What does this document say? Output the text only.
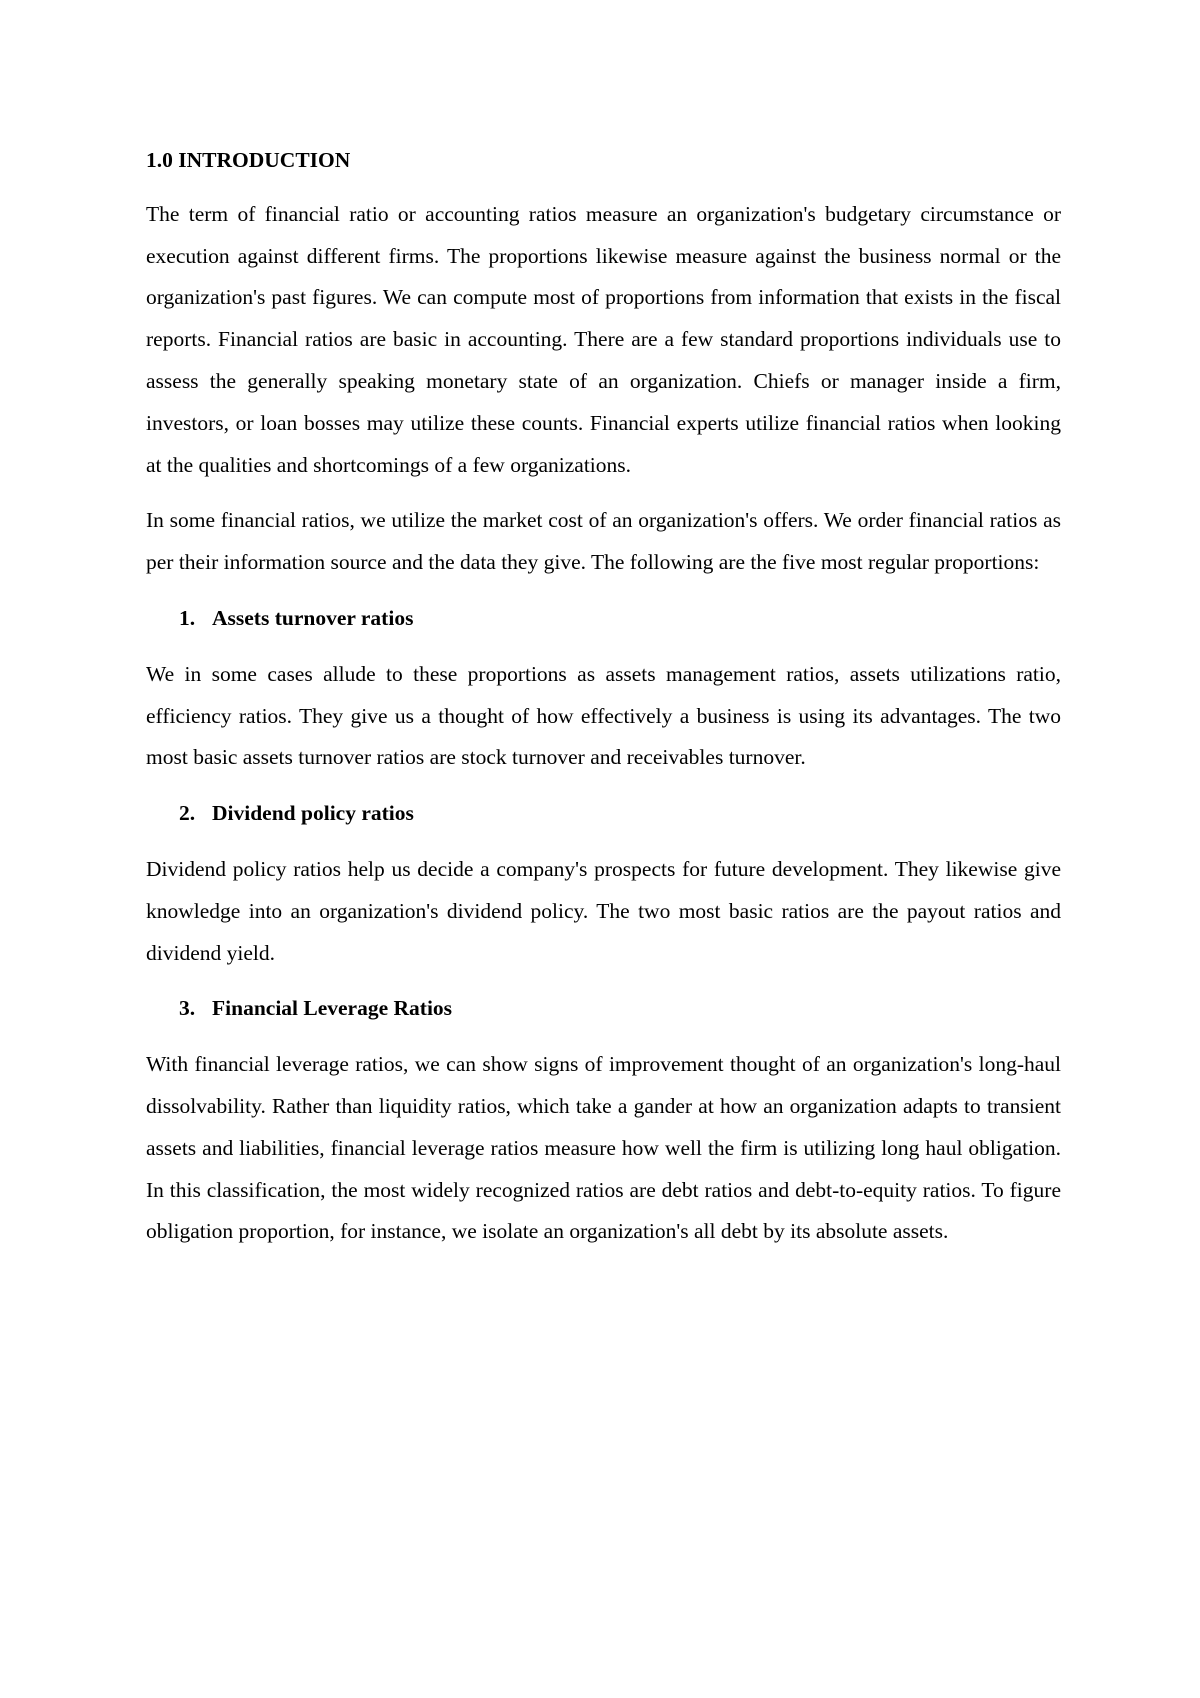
1.0 INTRODUCTION

The term of financial ratio or accounting ratios measure an organization's budgetary circumstance or execution against different firms. The proportions likewise measure against the business normal or the organization's past figures. We can compute most of proportions from information that exists in the fiscal reports. Financial ratios are basic in accounting. There are a few standard proportions individuals use to assess the generally speaking monetary state of an organization. Chiefs or manager inside a firm, investors, or loan bosses may utilize these counts. Financial experts utilize financial ratios when looking at the qualities and shortcomings of a few organizations.

In some financial ratios, we utilize the market cost of an organization's offers. We order financial ratios as per their information source and the data they give. The following are the five most regular proportions:

1. Assets turnover ratios

We in some cases allude to these proportions as assets management ratios, assets utilizations ratio, efficiency ratios. They give us a thought of how effectively a business is using its advantages. The two most basic assets turnover ratios are stock turnover and receivables turnover.

2. Dividend policy ratios

Dividend policy ratios help us decide a company's prospects for future development. They likewise give knowledge into an organization's dividend policy. The two most basic ratios are the payout ratios and dividend yield.

3. Financial Leverage Ratios

With financial leverage ratios, we can show signs of improvement thought of an organization's long-haul dissolvability. Rather than liquidity ratios, which take a gander at how an organization adapts to transient assets and liabilities, financial leverage ratios measure how well the firm is utilizing long haul obligation. In this classification, the most widely recognized ratios are debt ratios and debt-to-equity ratios. To figure obligation proportion, for instance, we isolate an organization's all debt by its absolute assets.
